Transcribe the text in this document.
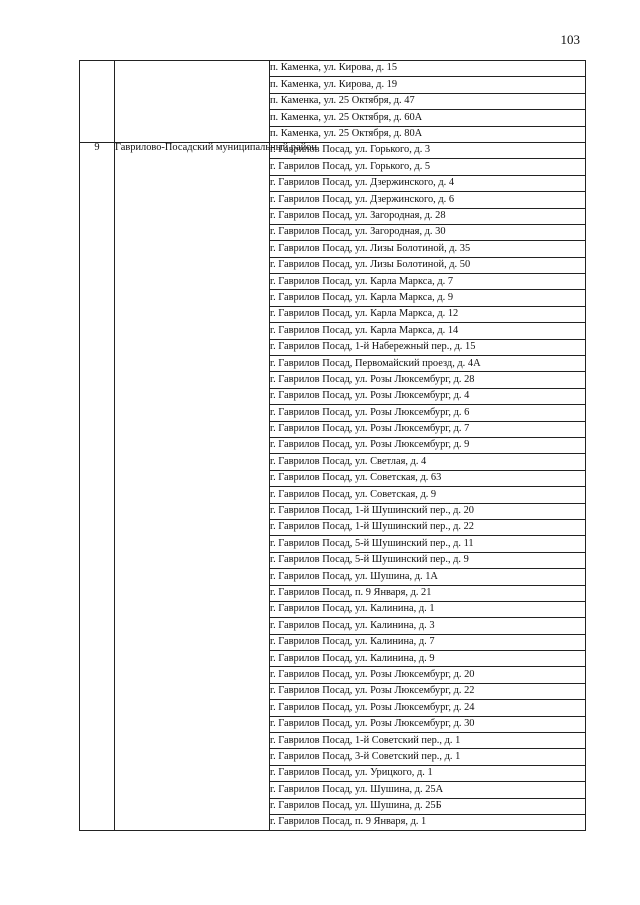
103
		п. Каменка, ул. Кирова, д. 15
		п. Каменка, ул. Кирова, д. 19
		п. Каменка, ул. 25 Октября, д. 47
		п. Каменка, ул. 25 Октября, д. 60А
		п. Каменка, ул. 25 Октября, д. 80А
9	Гаврилово-Посадский муниципальный район	г. Гаврилов Посад, ул. Горького, д. 3
		г. Гаврилов Посад, ул. Горького, д. 5
		г. Гаврилов Посад, ул. Дзержинского, д. 4
		г. Гаврилов Посад, ул. Дзержинского, д. 6
		г. Гаврилов Посад, ул. Загородная, д. 28
		г. Гаврилов Посад, ул. Загородная, д. 30
		г. Гаврилов Посад, ул. Лизы Болотиной, д. 35
		г. Гаврилов Посад, ул. Лизы Болотиной, д. 50
		г. Гаврилов Посад, ул. Карла Маркса, д. 7
		г. Гаврилов Посад, ул. Карла Маркса, д. 9
		г. Гаврилов Посад, ул. Карла Маркса, д. 12
		г. Гаврилов Посад, ул. Карла Маркса, д. 14
		г. Гаврилов Посад, 1-й Набережный пер., д. 15
		г. Гаврилов Посад, Первомайский проезд, д. 4А
		г. Гаврилов Посад, ул. Розы Люксембург, д. 28
		г. Гаврилов Посад, ул. Розы Люксембург, д. 4
		г. Гаврилов Посад, ул. Розы Люксембург, д. 6
		г. Гаврилов Посад, ул. Розы Люксембург, д. 7
		г. Гаврилов Посад, ул. Розы Люксембург, д. 9
		г. Гаврилов Посад, ул. Светлая, д. 4
		г. Гаврилов Посад, ул. Советская, д. 63
		г. Гаврилов Посад, ул. Советская, д. 9
		г. Гаврилов Посад, 1-й Шушинский пер., д. 20
		г. Гаврилов Посад, 1-й Шушинский пер., д. 22
		г. Гаврилов Посад, 5-й Шушинский пер., д. 11
		г. Гаврилов Посад, 5-й Шушинский пер., д. 9
		г. Гаврилов Посад, ул. Шушина, д. 1А
		г. Гаврилов Посад, п. 9 Января, д. 21
		г. Гаврилов Посад, ул. Калинина, д. 1
		г. Гаврилов Посад, ул. Калинина, д. 3
		г. Гаврилов Посад, ул. Калинина, д. 7
		г. Гаврилов Посад, ул. Калинина, д. 9
		г. Гаврилов Посад, ул. Розы Люксембург, д. 20
		г. Гаврилов Посад, ул. Розы Люксембург, д. 22
		г. Гаврилов Посад, ул. Розы Люксембург, д. 24
		г. Гаврилов Посад, ул. Розы Люксембург, д. 30
		г. Гаврилов Посад, 1-й Советский пер., д. 1
		г. Гаврилов Посад, 3-й Советский пер., д. 1
		г. Гаврилов Посад, ул. Урицкого, д. 1
		г. Гаврилов Посад, ул. Шушина, д. 25А
		г. Гаврилов Посад, ул. Шушина, д. 25Б
		г. Гаврилов Посад, п. 9 Января, д. 1
